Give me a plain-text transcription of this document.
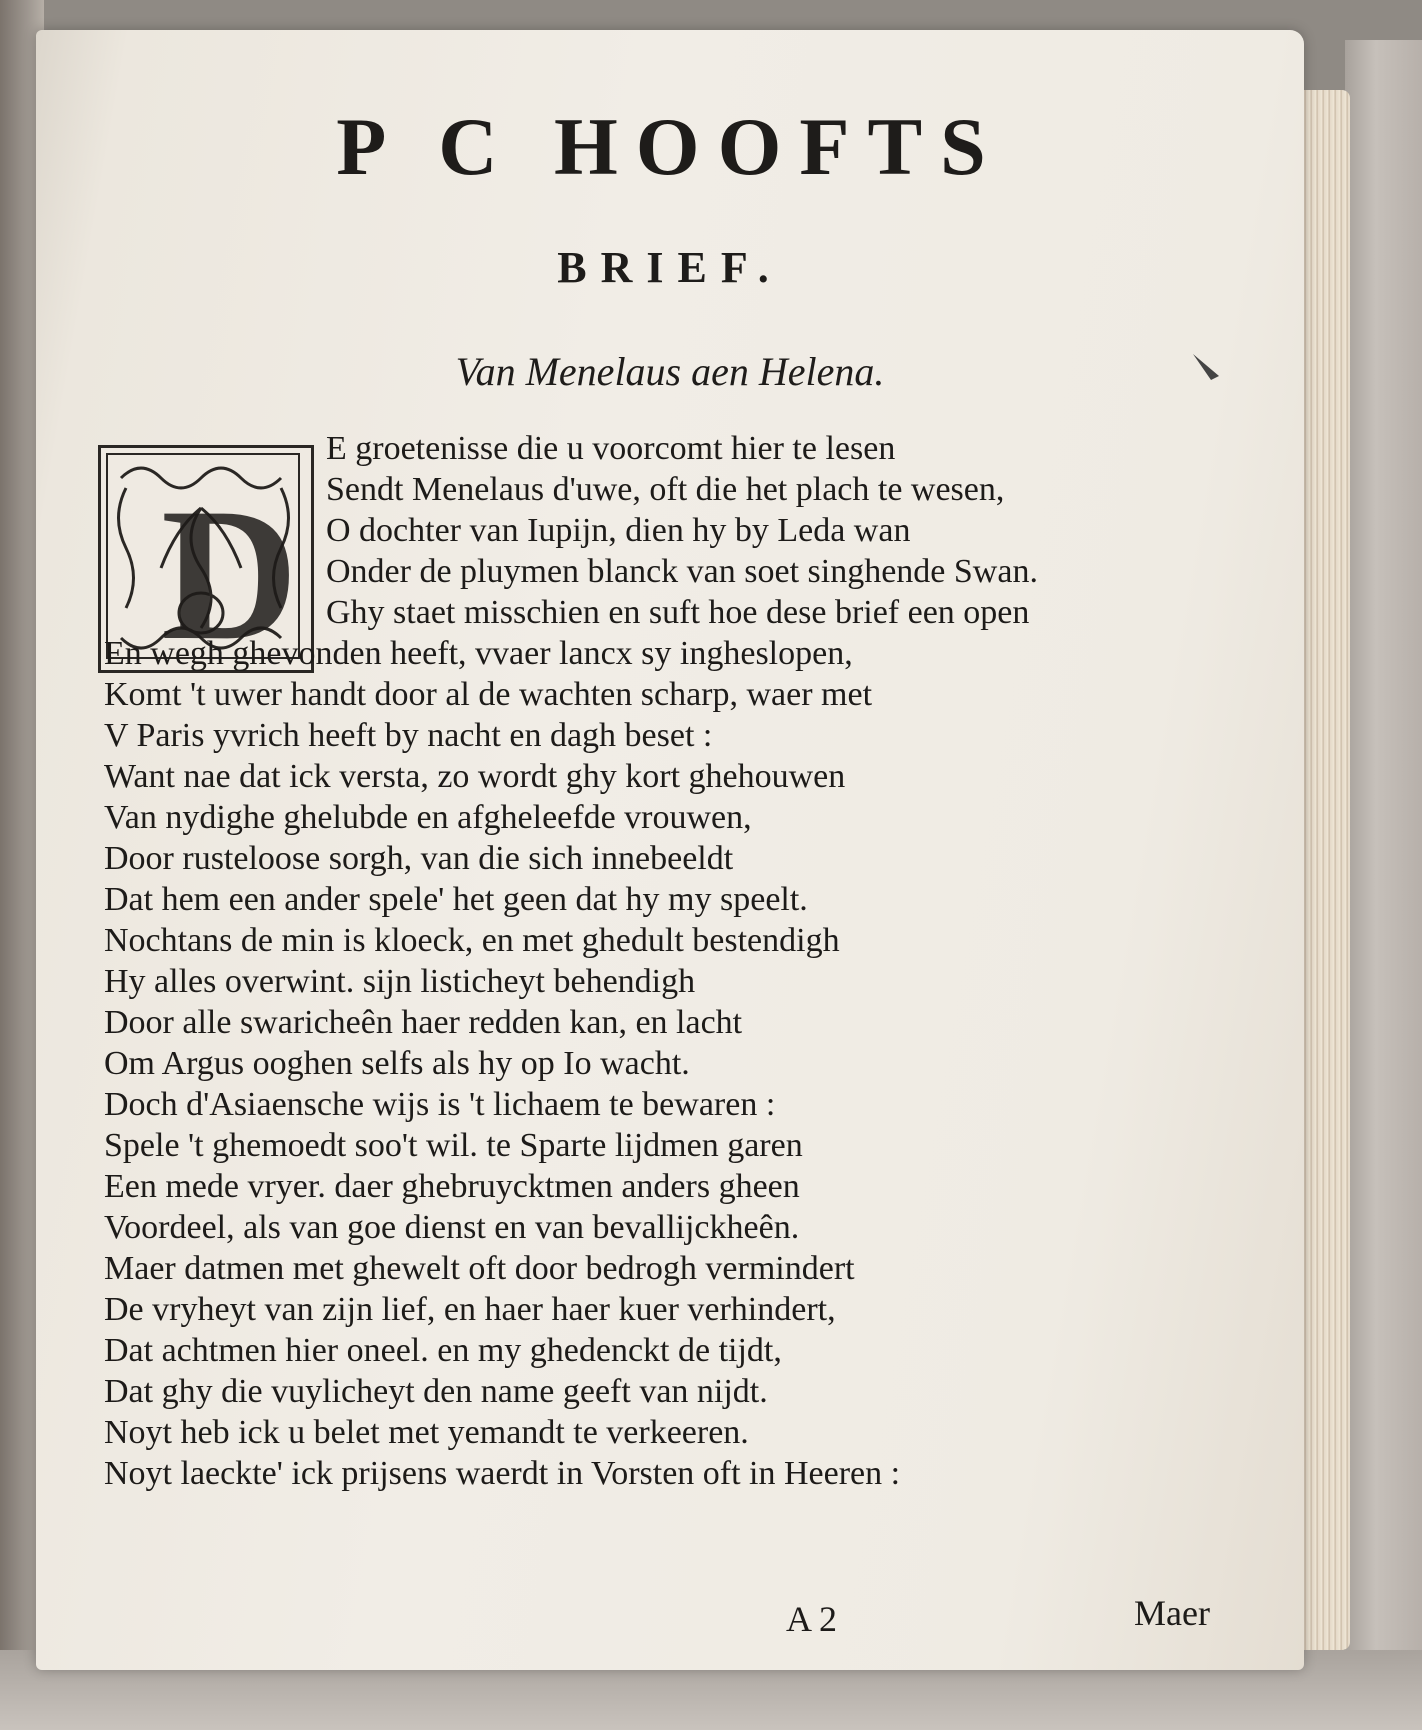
P C HOOFTS
BRIEF.
Van Menelaus aen Helena.
D
E groetenisse die u voorcomt hier te lesen
Sendt Menelaus d'uwe, oft die het plach te wesen,
O dochter van Iupijn, dien hy by Leda wan
Onder de pluymen blanck van soet singhende Swan.
Ghy staet misschien en suft hoe dese brief een open
En wegh ghevonden heeft, vvaer lancx sy ingheslopen,
Komt 't uwer handt door al de wachten scharp, waer met
V Paris yvrich heeft by nacht en dagh beset :
Want nae dat ick versta, zo wordt ghy kort ghehouwen
Van nydighe ghelubde en afgheleefde vrouwen,
Door rusteloose sorgh, van die sich innebeeldt
Dat hem een ander spele' het geen dat hy my speelt.
Nochtans de min is kloeck, en met ghedult bestendigh
Hy alles overwint. sijn listicheyt behendigh
Door alle swaricheên haer redden kan, en lacht
Om Argus ooghen selfs als hy op Io wacht.
Doch d'Asiaensche wijs is 't lichaem te bewaren :
Spele 't ghemoedt soo't wil. te Sparte lijdmen garen
Een mede vryer. daer ghebruycktmen anders gheen
Voordeel, als van goe dienst en van bevallijckheên.
Maer datmen met ghewelt oft door bedrogh vermindert
De vryheyt van zijn lief, en haer haer kuer verhindert,
Dat achtmen hier oneel. en my ghedenckt de tijdt,
Dat ghy die vuylicheyt den name geeft van nijdt.
Noyt heb ick u belet met yemandt te verkeeren.
Noyt laeckte' ick prijsens waerdt in Vorsten oft in Heeren :
A 2	Maer
